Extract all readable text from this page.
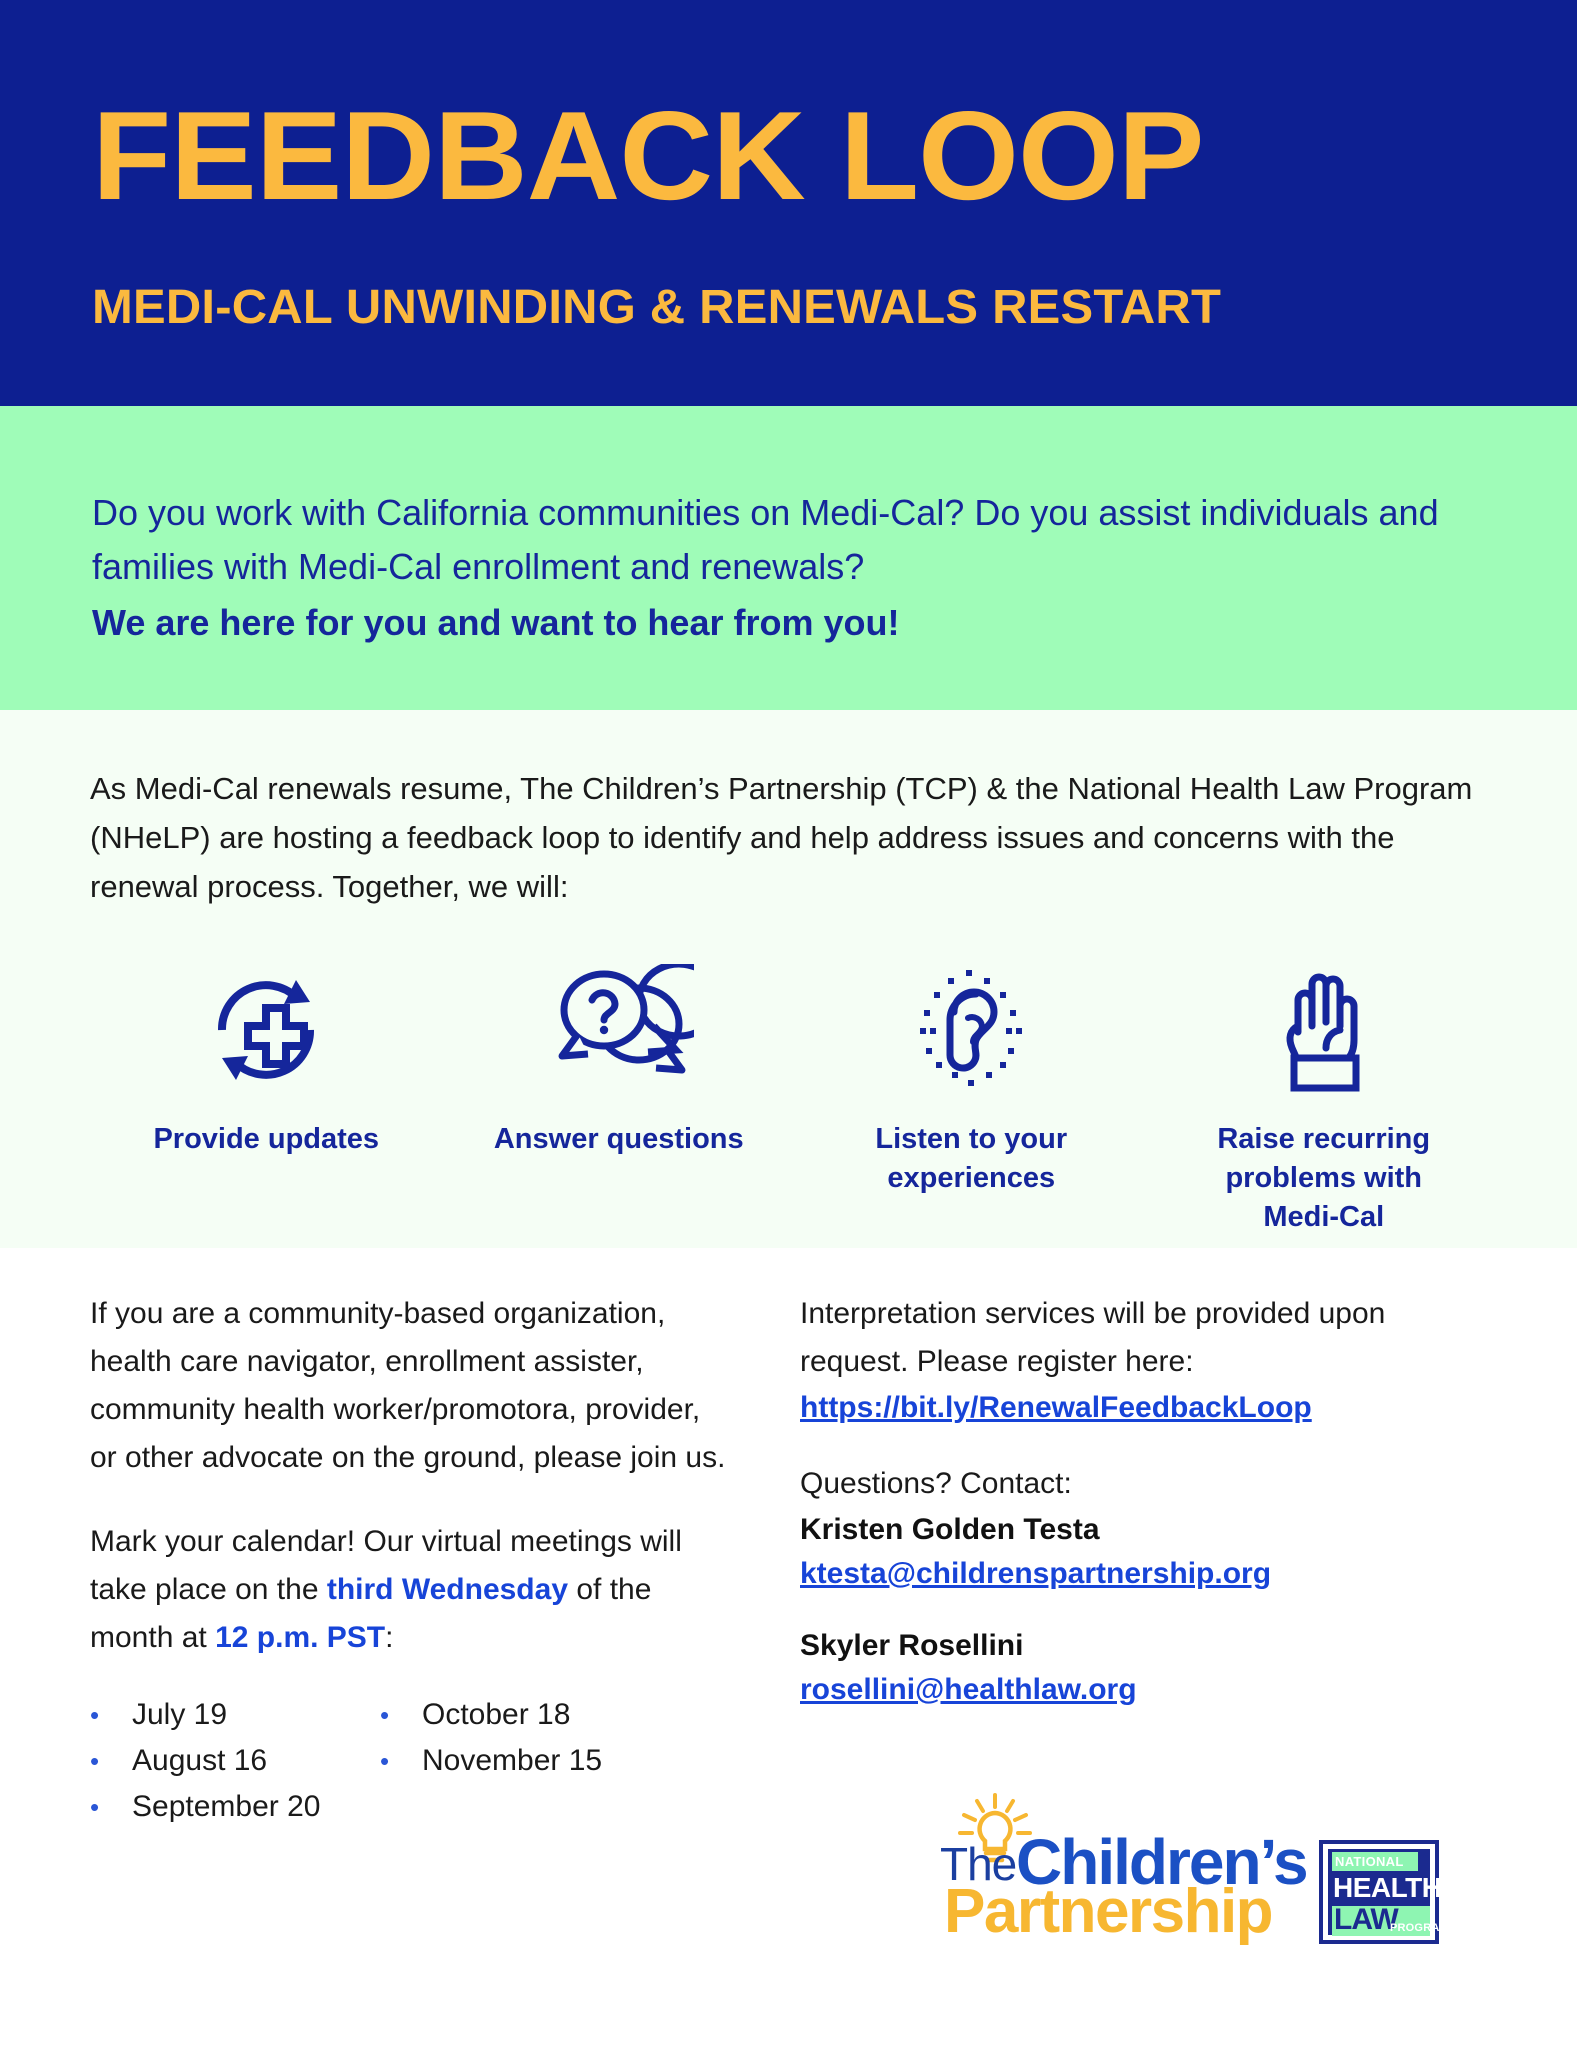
FEEDBACK LOOP
MEDI-CAL UNWINDING & RENEWALS RESTART
Do you work with California communities on Medi-Cal? Do you assist individuals and families with Medi-Cal enrollment and renewals?
We are here for you and want to hear from you!
As Medi-Cal renewals resume, The Children’s Partnership (TCP) & the National Health Law Program (NHeLP) are hosting a feedback loop to identify and help address issues and concerns with the renewal process. Together, we will:
Provide updates	Answer questions	Listen to your experiences
Raise recurring problems with Medi-Cal
If you are a community-based organization, health care navigator, enrollment assister, community health worker/promotora, provider, or other advocate on the ground, please join us.
Mark your calendar! Our virtual meetings will take place on the third Wednesday of the month at 12 p.m. PST:
•	July 19
•	August 16
•	September 20
•	October 18
•	November 15
Interpretation services will be provided upon request. Please register here:
https://bit.ly/RenewalFeedbackLoop
Questions? Contact:
Kristen Golden Testa
ktesta@childrenspartnership.org
Skyler Rosellini
rosellini@healthlaw.org
The Children’s
Partnership
NATIONAL
HEALTH
LAW
PROGRAM
